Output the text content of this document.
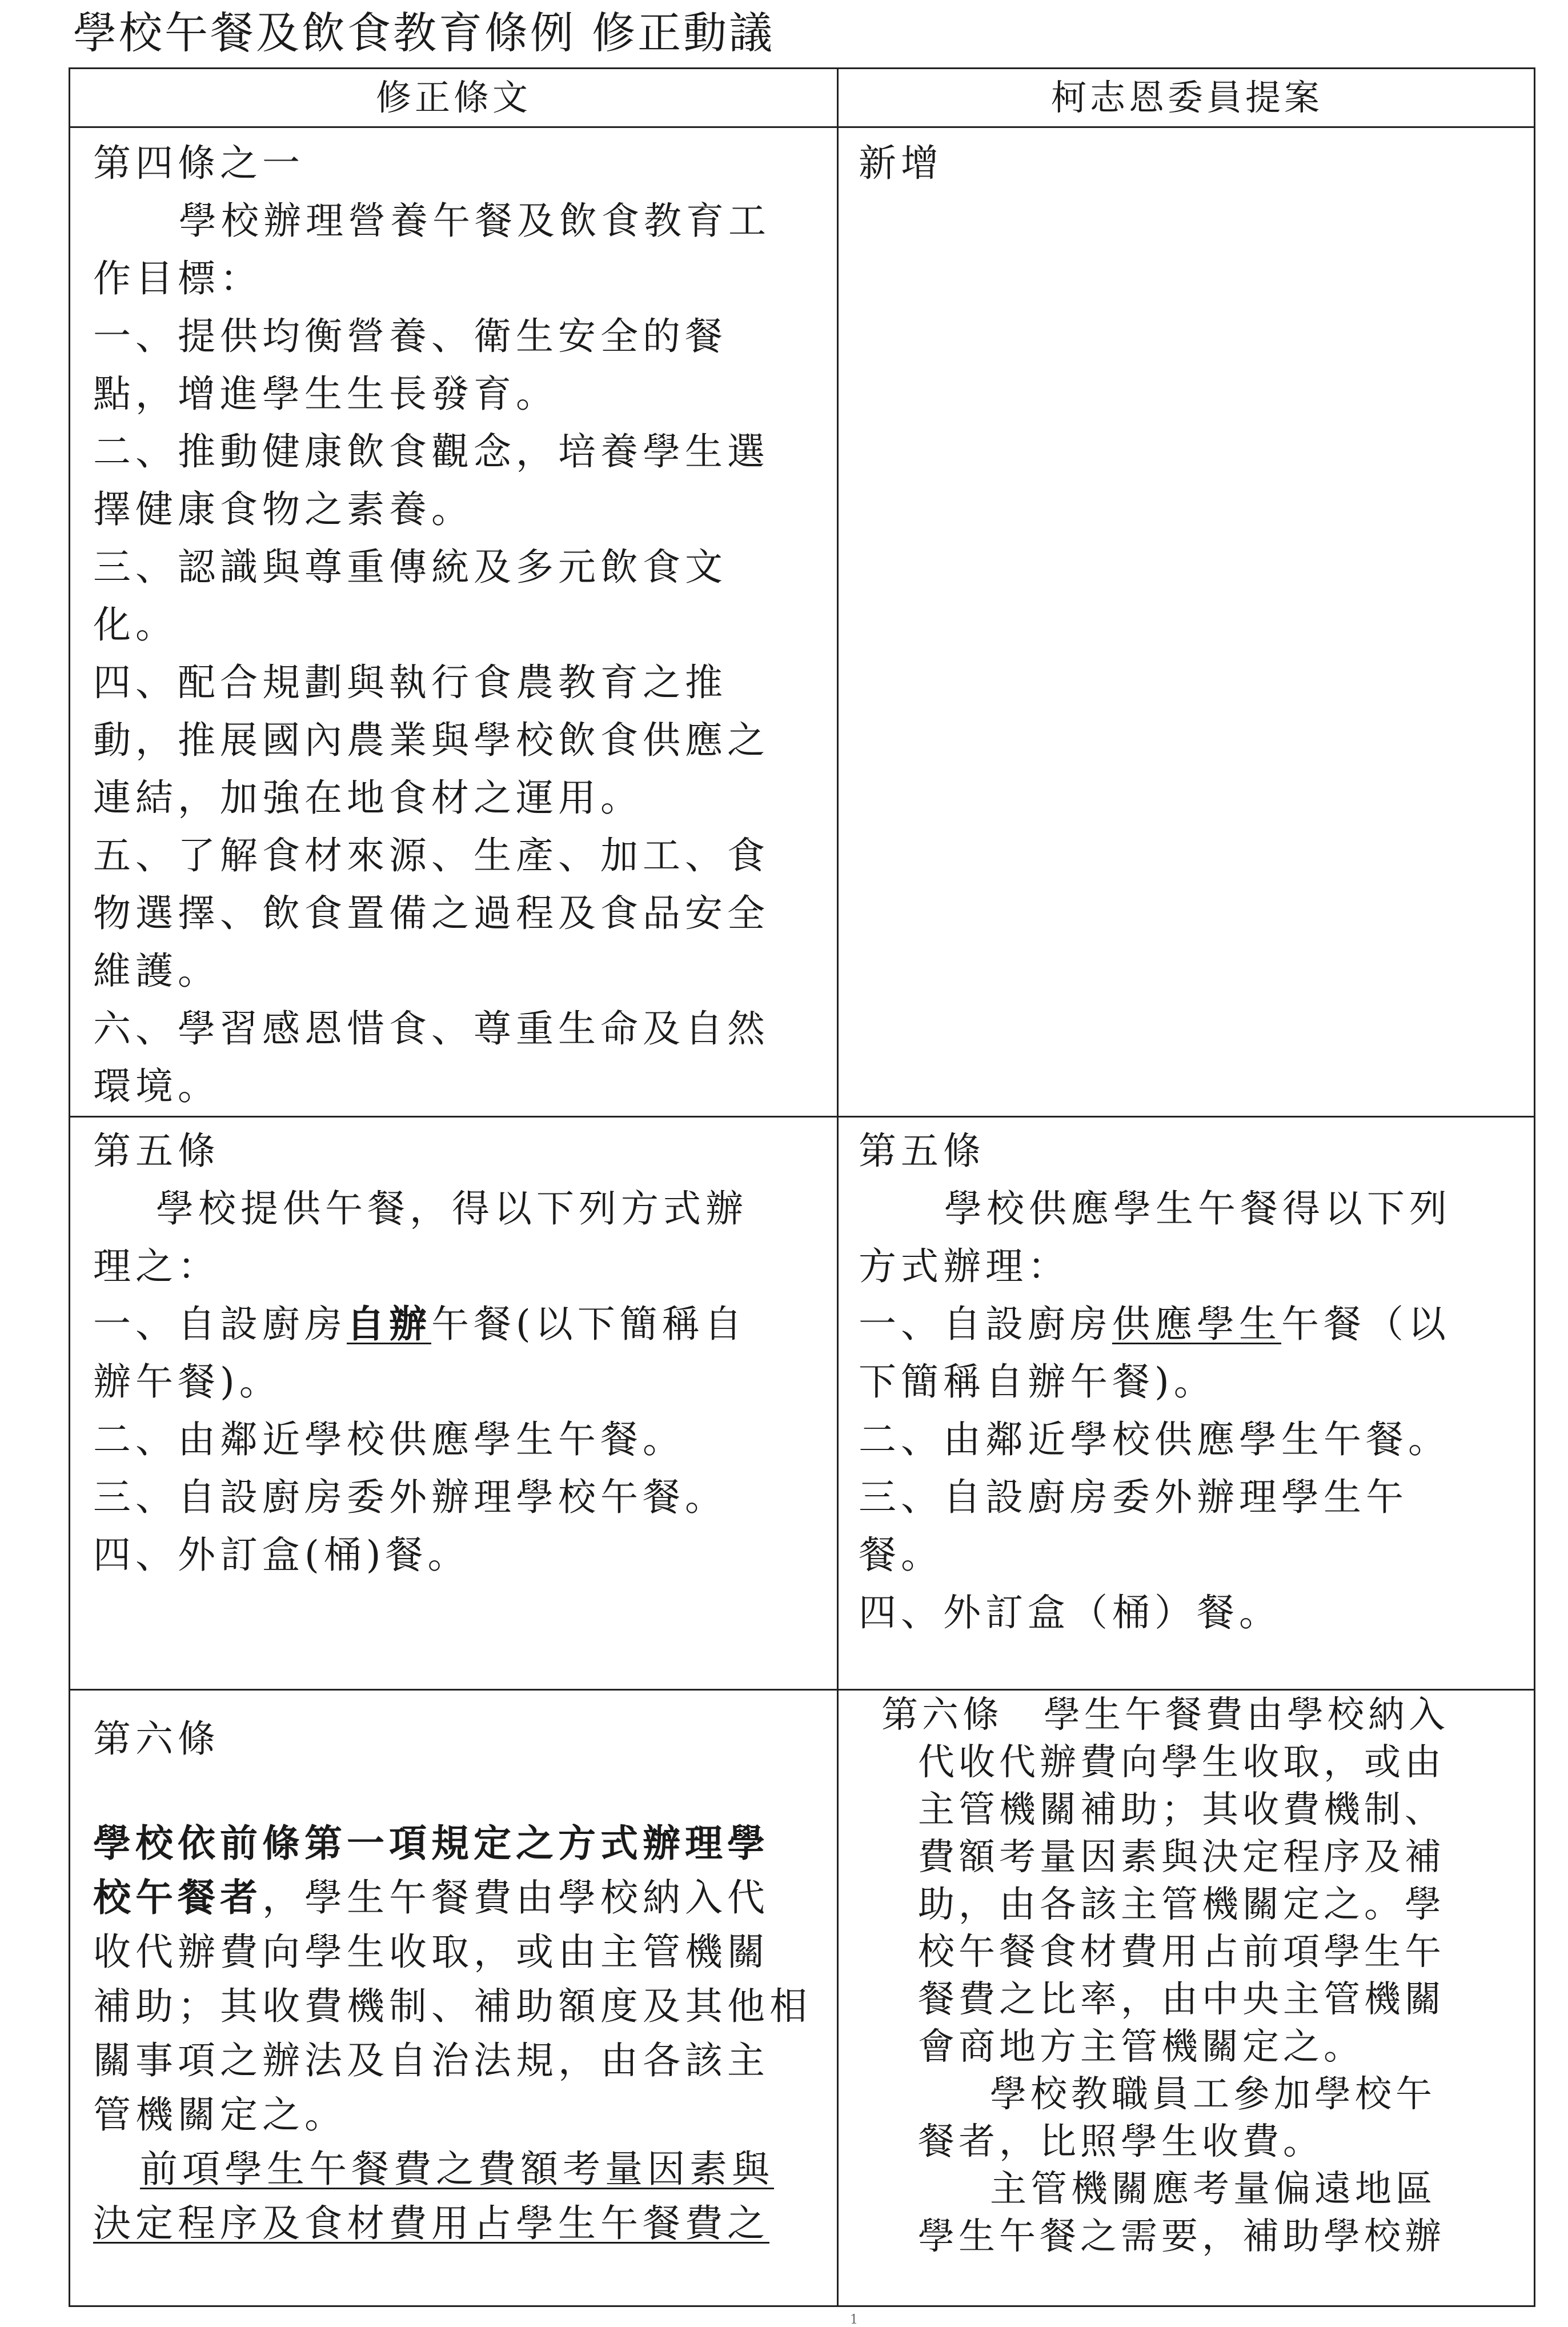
學校午餐及飲食教育條例 修正動議
修正條文	柯志恩委員提案
第四條之一
學校辦理營養午餐及飲食教育工
作目標：
一、提供均衡營養、衛生安全的餐
點，增進學生生長發育。
二、推動健康飲食觀念，培養學生選
擇健康食物之素養。
三、認識與尊重傳統及多元飲食文
化。
四、配合規劃與執行食農教育之推
動，推展國內農業與學校飲食供應之
連結，加強在地食材之運用。
五、了解食材來源、生產、加工、食
物選擇、飲食置備之過程及食品安全
維護。
六、學習感恩惜食、尊重生命及自然
環境。
新增
第五條
學校提供午餐，得以下列方式辦
理之：
一、自設廚房自辦午餐(以下簡稱自
辦午餐)。
二、由鄰近學校供應學生午餐。
三、自設廚房委外辦理學校午餐。
四、外訂盒(桶)餐。
第五條
學校供應學生午餐得以下列
方式辦理：
一、自設廚房供應學生午餐（以
下簡稱自辦午餐)。
二、由鄰近學校供應學生午餐。
三、自設廚房委外辦理學生午
餐。
四、外訂盒（桶）餐。
第六條
學校依前條第一項規定之方式辦理學
校午餐者，學生午餐費由學校納入代
收代辦費向學生收取，或由主管機關
補助；其收費機制、補助額度及其他相
關事項之辦法及自治法規，由各該主
管機關定之。
前項學生午餐費之費額考量因素與
決定程序及食材費用占學生午餐費之
第六條　學生午餐費由學校納入
代收代辦費向學生收取，或由
主管機關補助；其收費機制、
費額考量因素與決定程序及補
助，由各該主管機關定之。學
校午餐食材費用占前項學生午
餐費之比率，由中央主管機關
會商地方主管機關定之。
學校教職員工參加學校午
餐者，比照學生收費。
主管機關應考量偏遠地區
學生午餐之需要，補助學校辦
1
